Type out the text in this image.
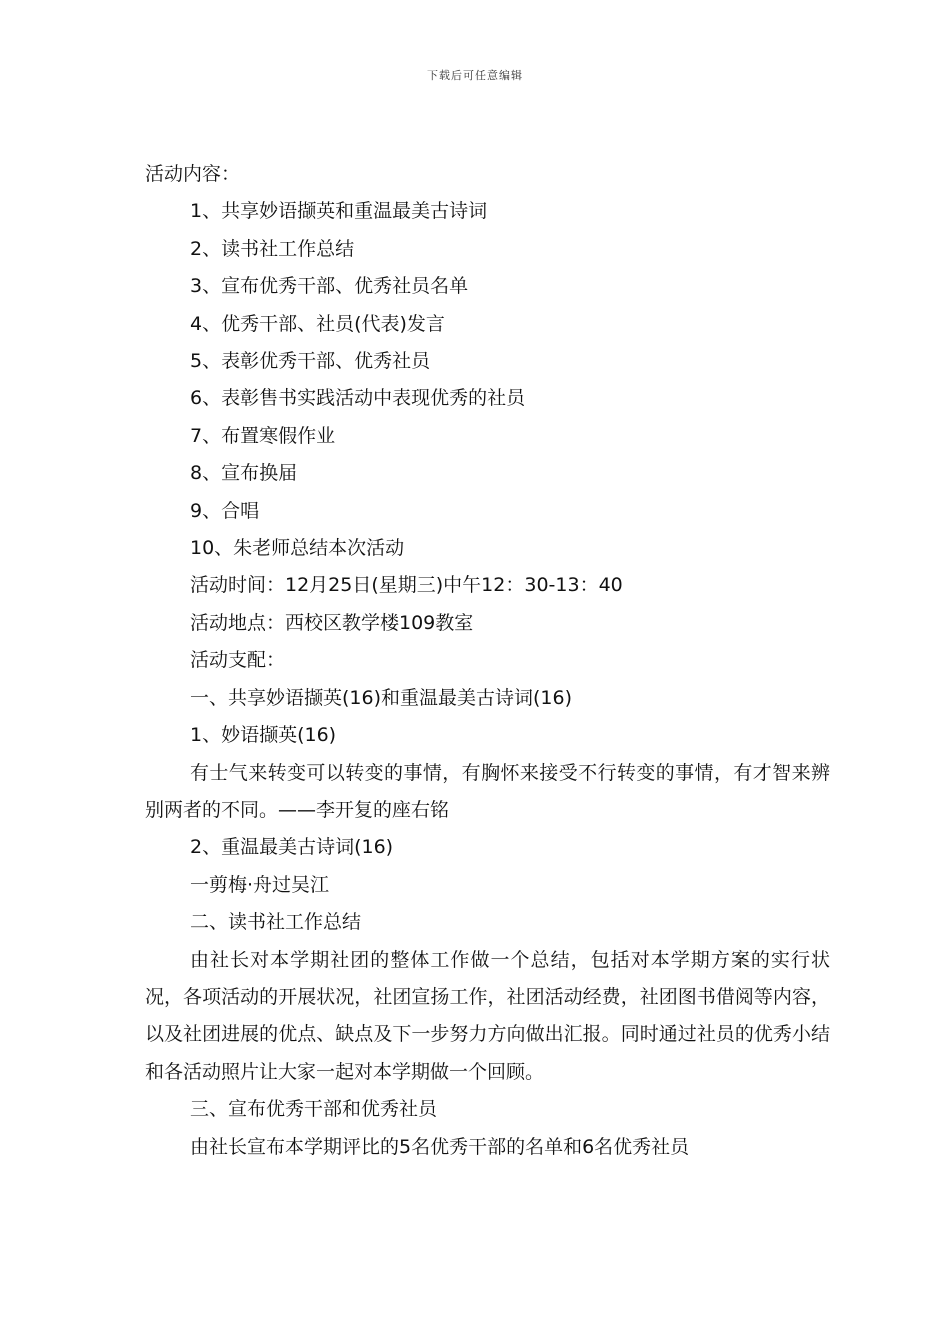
下载后可任意编辑
活动内容：
1、共享妙语撷英和重温最美古诗词
2、读书社工作总结
3、宣布优秀干部、优秀社员名单
4、优秀干部、社员(代表)发言
5、表彰优秀干部、优秀社员
6、表彰售书实践活动中表现优秀的社员
7、布置寒假作业
8、宣布换届
9、合唱
10、朱老师总结本次活动
活动时间：12月25日(星期三)中午12：30-13：40
活动地点：西校区教学楼109教室
活动支配：
一、共享妙语撷英(16)和重温最美古诗词(16)
1、妙语撷英(16)
有士气来转变可以转变的事情，有胸怀来接受不行转变的事情，有才智来辨别两者的不同。——李开复的座右铭
2、重温最美古诗词(16)
一剪梅·舟过吴江
二、读书社工作总结
由社长对本学期社团的整体工作做一个总结，包括对本学期方案的实行状况，各项活动的开展状况，社团宣扬工作，社团活动经费，社团图书借阅等内容，以及社团进展的优点、缺点及下一步努力方向做出汇报。同时通过社员的优秀小结和各活动照片让大家一起对本学期做一个回顾。
三、宣布优秀干部和优秀社员
由社长宣布本学期评比的5名优秀干部的名单和6名优秀社员
